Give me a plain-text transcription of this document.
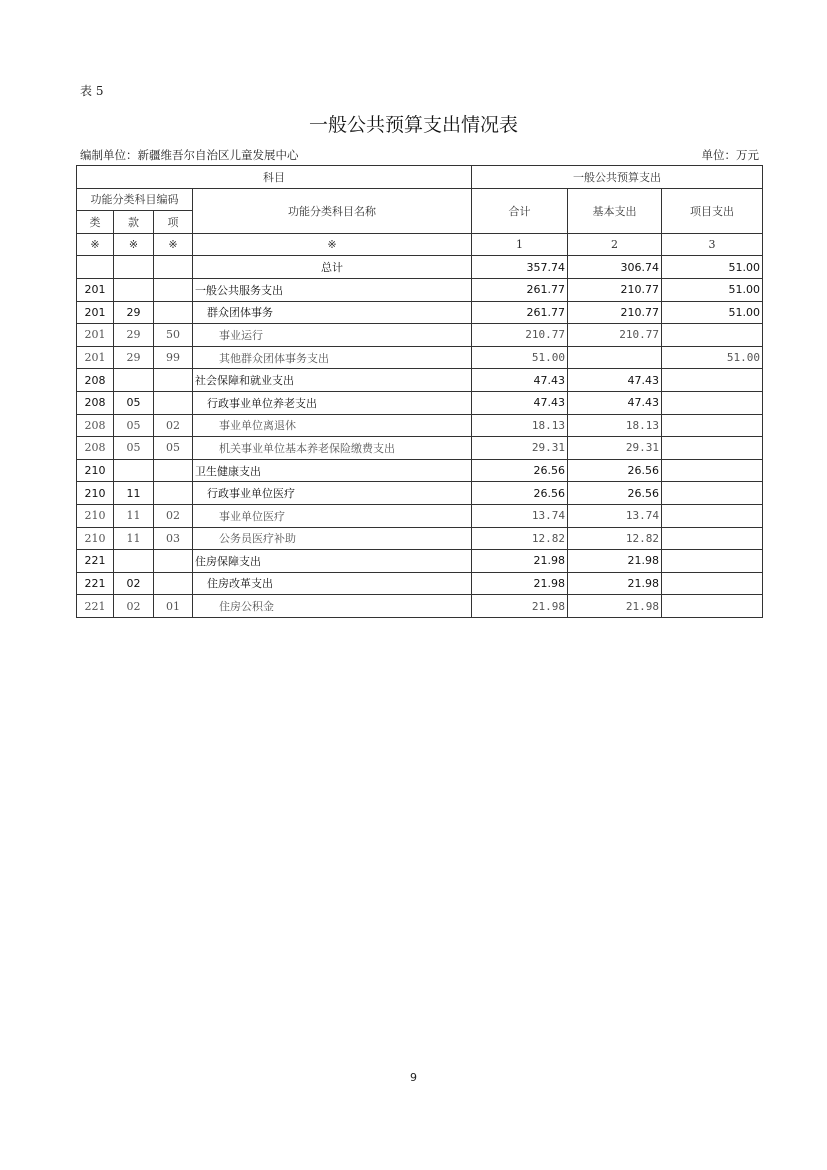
表 5
一般公共预算支出情况表
编制单位：新疆维吾尔自治区儿童发展中心	单位：万元
科目				一般公共预算支出		
功能分类科目编码			功能分类科目名称	合计	基本支出	项目支出
类	款	项				
※	※	※	※	1	2	3
			总计	357.74	306.74	51.00
201			一般公共服务支出	261.77	210.77	51.00
201	29		群众团体事务	261.77	210.77	51.00
201	29	50	事业运行	210.77	210.77	
201	29	99	其他群众团体事务支出	51.00		51.00
208			社会保障和就业支出	47.43	47.43	
208	05		行政事业单位养老支出	47.43	47.43	
208	05	02	事业单位离退休	18.13	18.13	
208	05	05	机关事业单位基本养老保险缴费支出	29.31	29.31	
210			卫生健康支出	26.56	26.56	
210	11		行政事业单位医疗	26.56	26.56	
210	11	02	事业单位医疗	13.74	13.74	
210	11	03	公务员医疗补助	12.82	12.82	
221			住房保障支出	21.98	21.98	
221	02		住房改革支出	21.98	21.98	
221	02	01	住房公积金	21.98	21.98	
9
